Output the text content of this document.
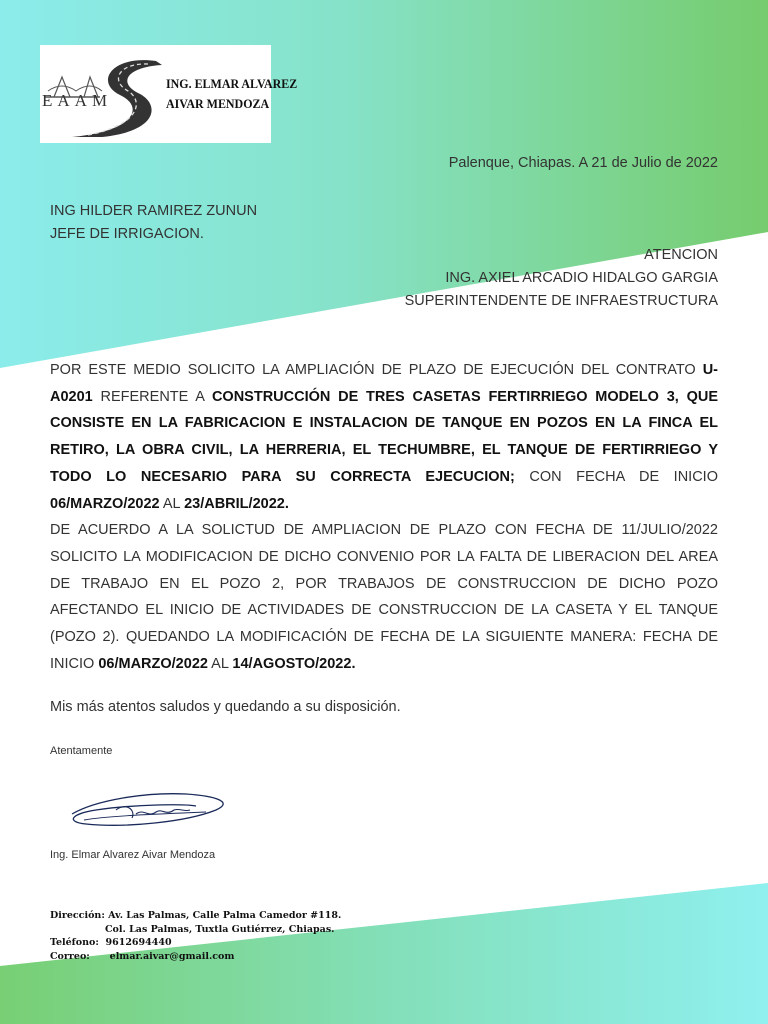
EAAM
ING. ELMAR ALVAREZ
AIVAR MENDOZA
Palenque, Chiapas. A 21 de Julio de 2022
ING HILDER RAMIREZ ZUNUN
JEFE DE IRRIGACION.
ATENCION
ING. AXIEL ARCADIO HIDALGO GARGIA
SUPERINTENDENTE DE INFRAESTRUCTURA

POR ESTE MEDIO SOLICITO LA AMPLIACIÓN DE PLAZO DE EJECUCIÓN DEL CONTRATO U-A0201 REFERENTE A CONSTRUCCIÓN DE TRES CASETAS FERTIRRIEGO MODELO 3, QUE CONSISTE EN LA FABRICACION E INSTALACION DE TANQUE EN POZOS EN LA FINCA EL RETIRO, LA OBRA CIVIL, LA HERRERIA, EL TECHUMBRE, EL TANQUE DE FERTIRRIEGO Y TODO LO NECESARIO PARA SU CORRECTA EJECUCION; CON FECHA DE INICIO 06/MARZO/2022 AL 23/ABRIL/2022.

DE ACUERDO A LA SOLICTUD DE AMPLIACION DE PLAZO CON FECHA DE 11/JULIO/2022 SOLICITO LA MODIFICACION DE DICHO CONVENIO POR LA FALTA DE LIBERACION DEL AREA DE TRABAJO EN EL POZO 2, POR TRABAJOS DE CONSTRUCCION DE DICHO POZO AFECTANDO EL INICIO DE ACTIVIDADES DE CONSTRUCCION DE LA CASETA Y EL TANQUE (POZO 2). QUEDANDO LA MODIFICACIÓN DE FECHA DE LA SIGUIENTE MANERA: FECHA DE INICIO 06/MARZO/2022 AL 14/AGOSTO/2022.

Mis más atentos saludos y quedando a su disposición.
Atentamente
Ing. Elmar Alvarez Aivar Mendoza
Dirección: Av. Las Palmas, Calle Palma Camedor #118.
Col. Las Palmas, Tuxtla Gutiérrez, Chiapas.
Teléfono: 9612694440
Correo: elmar.aivar@gmail.com
